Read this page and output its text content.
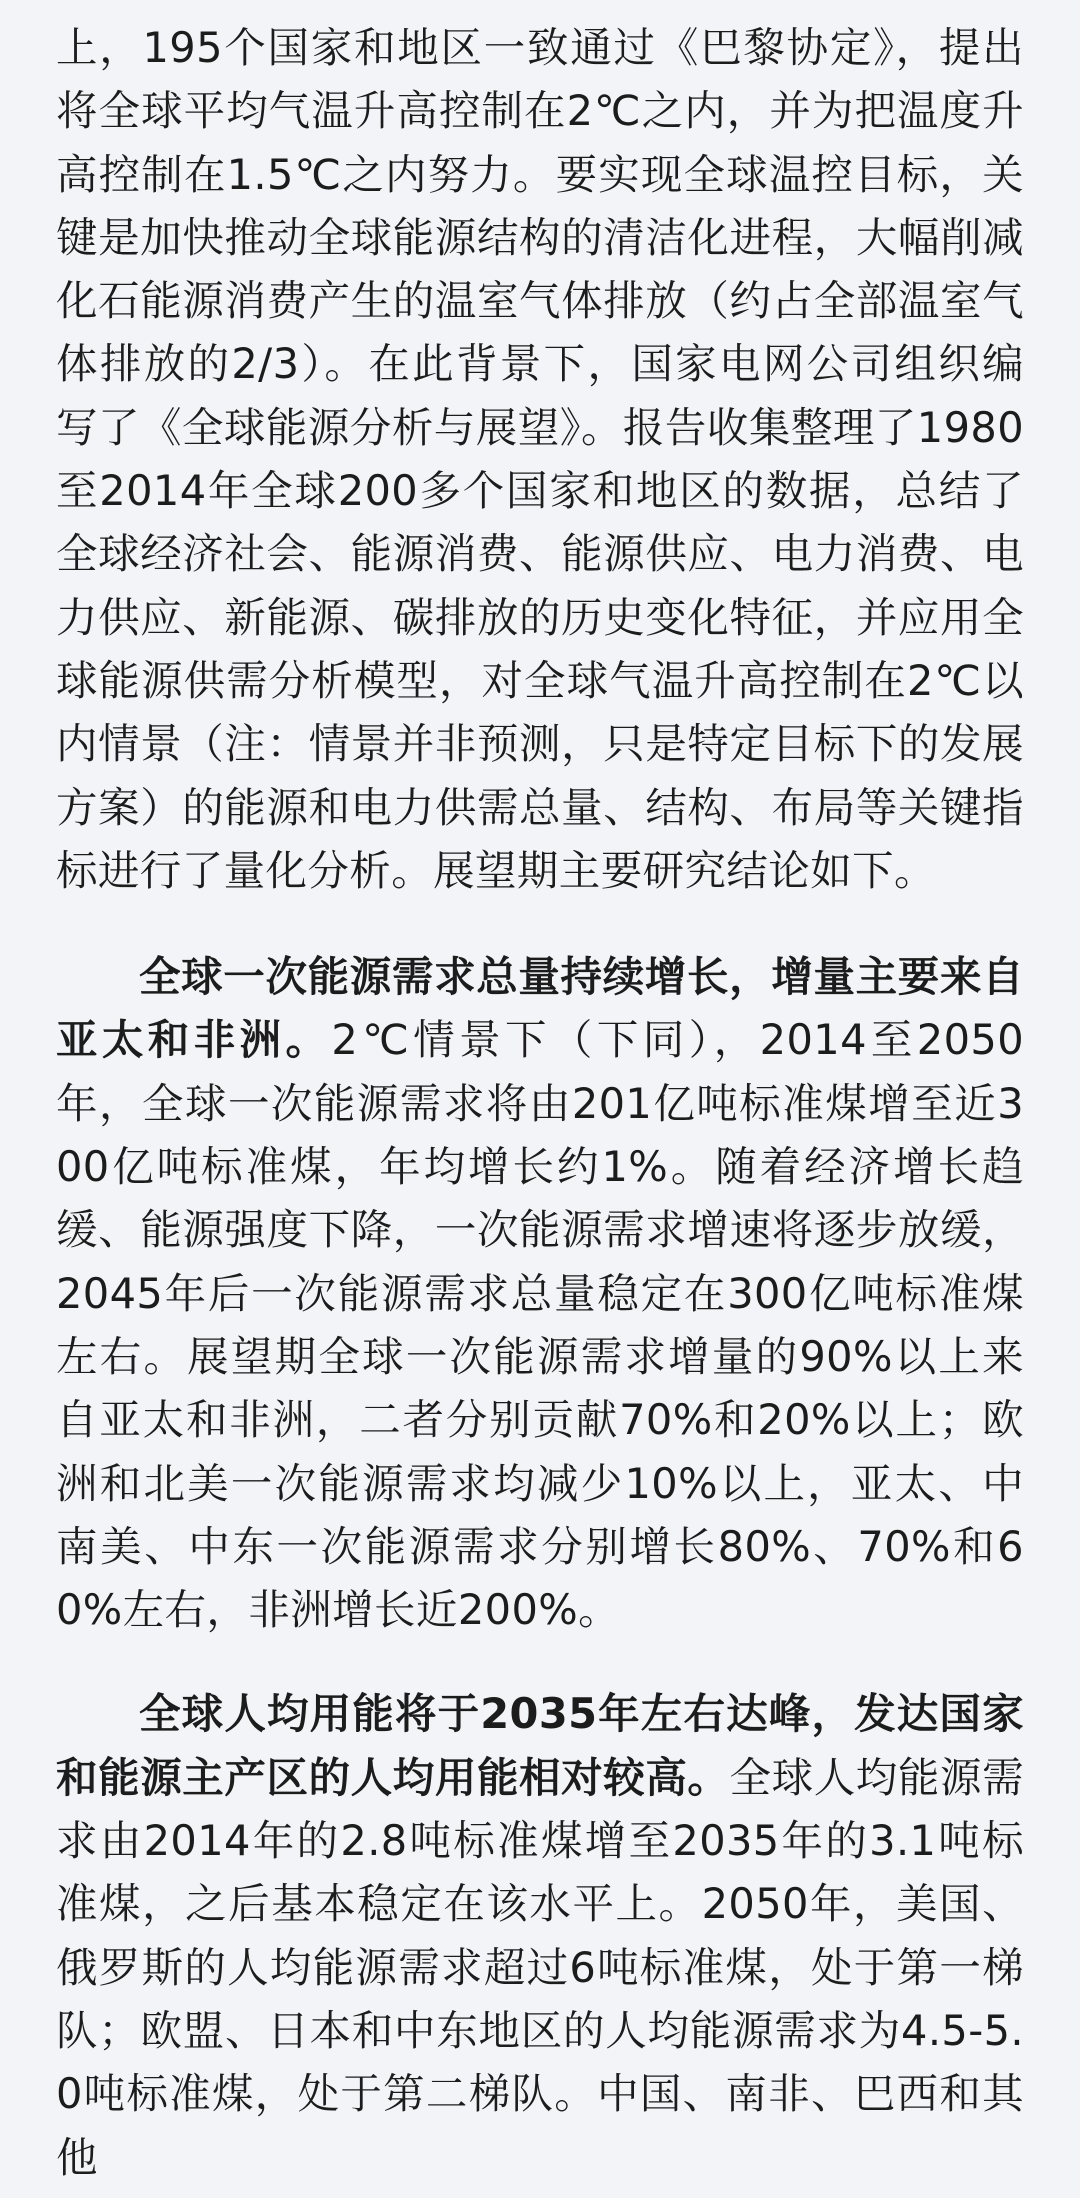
上，195个国家和地区一致通过《巴黎协定》，提出将全球平均气温升高控制在2℃之内，并为把温度升高控制在1.5℃之内努力。要实现全球温控目标，关键是加快推动全球能源结构的清洁化进程，大幅削减化石能源消费产生的温室气体排放（约占全部温室气体排放的2/3）。在此背景下，国家电网公司组织编写了《全球能源分析与展望》。报告收集整理了1980至2014年全球200多个国家和地区的数据，总结了全球经济社会、能源消费、能源供应、电力消费、电力供应、新能源、碳排放的历史变化特征，并应用全球能源供需分析模型，对全球气温升高控制在2℃以内情景（注：情景并非预测，只是特定目标下的发展方案）的能源和电力供需总量、结构、布局等关键指标进行了量化分析。展望期主要研究结论如下。

全球一次能源需求总量持续增长，增量主要来自亚太和非洲。2℃情景下（下同），2014至2050年，全球一次能源需求将由201亿吨标准煤增至近300亿吨标准煤，年均增长约1%。随着经济增长趋缓、能源强度下降，一次能源需求增速将逐步放缓，2045年后一次能源需求总量稳定在300亿吨标准煤左右。展望期全球一次能源需求增量的90%以上来自亚太和非洲，二者分别贡献70%和20%以上；欧洲和北美一次能源需求均减少10%以上，亚太、中南美、中东一次能源需求分别增长80%、70%和60%左右，非洲增长近200%。

全球人均用能将于2035年左右达峰，发达国家和能源主产区的人均用能相对较高。全球人均能源需求由2014年的2.8吨标准煤增至2035年的3.1吨标准煤，之后基本稳定在该水平上。2050年，美国、俄罗斯的人均能源需求超过6吨标准煤，处于第一梯队；欧盟、日本和中东地区的人均能源需求为4.5-5.0吨标准煤，处于第二梯队。中国、南非、巴西和其他
